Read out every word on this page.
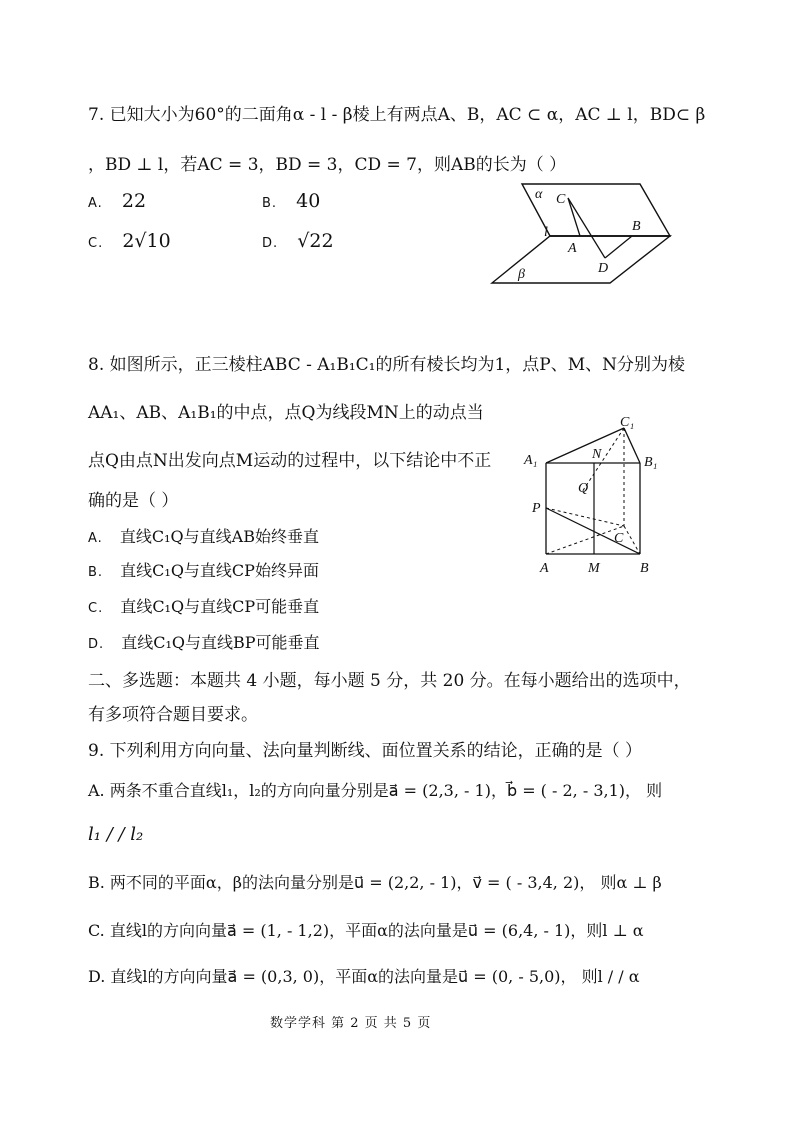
7. 已知大小为60°的二面角α - l - β棱上有两点A、B，AC ⊂ α，AC ⊥ l，BD⊂ β
，BD ⊥ l，若AC = 3，BD = 3，CD = 7，则AB的长为（ ）
A. 22	B. 40
C. 2√10	D. √22
α C
l
A
B
D
β
8. 如图所示，正三棱柱ABC - A₁B₁C₁的所有棱长均为1，点P、M、N分别为棱
AA₁、AB、A₁B₁的中点，点Q为线段MN上的动点当
点Q由点N出发向点M运动的过程中，以下结论中不正
确的是（ ）
A. 直线C₁Q与直线AB始终垂直
B. 直线C₁Q与直线CP始终异面
C. 直线C₁Q与直线CP可能垂直
D. 直线C₁Q与直线BP可能垂直
C₁
A₁	N
B₁
Q
P
C
A	M	B
二、多选题：本题共 4 小题，每小题 5 分，共 20 分。在每小题给出的选项中，
有多项符合题目要求。
9. 下列利用方向向量、法向量判断线、面位置关系的结论，正确的是（ ）
A. 两条不重合直线l₁，l₂的方向向量分别是a⃗ = (2,3, - 1)，b⃗ = ( - 2, - 3,1)， 则
l₁ / / l₂
B. 两不同的平面α，β的法向量分别是u⃗ = (2,2, - 1)，v⃗ = ( - 3,4, 2)， 则α ⊥ β
C. 直线l的方向向量a⃗ = (1, - 1,2)，平面α的法向量是u⃗ = (6,4, - 1)，则l ⊥ α
D. 直线l的方向向量a⃗ = (0,3, 0)，平面α的法向量是u⃗ = (0, - 5,0)， 则l / / α
数学学科 第 2 页 共 5 页
